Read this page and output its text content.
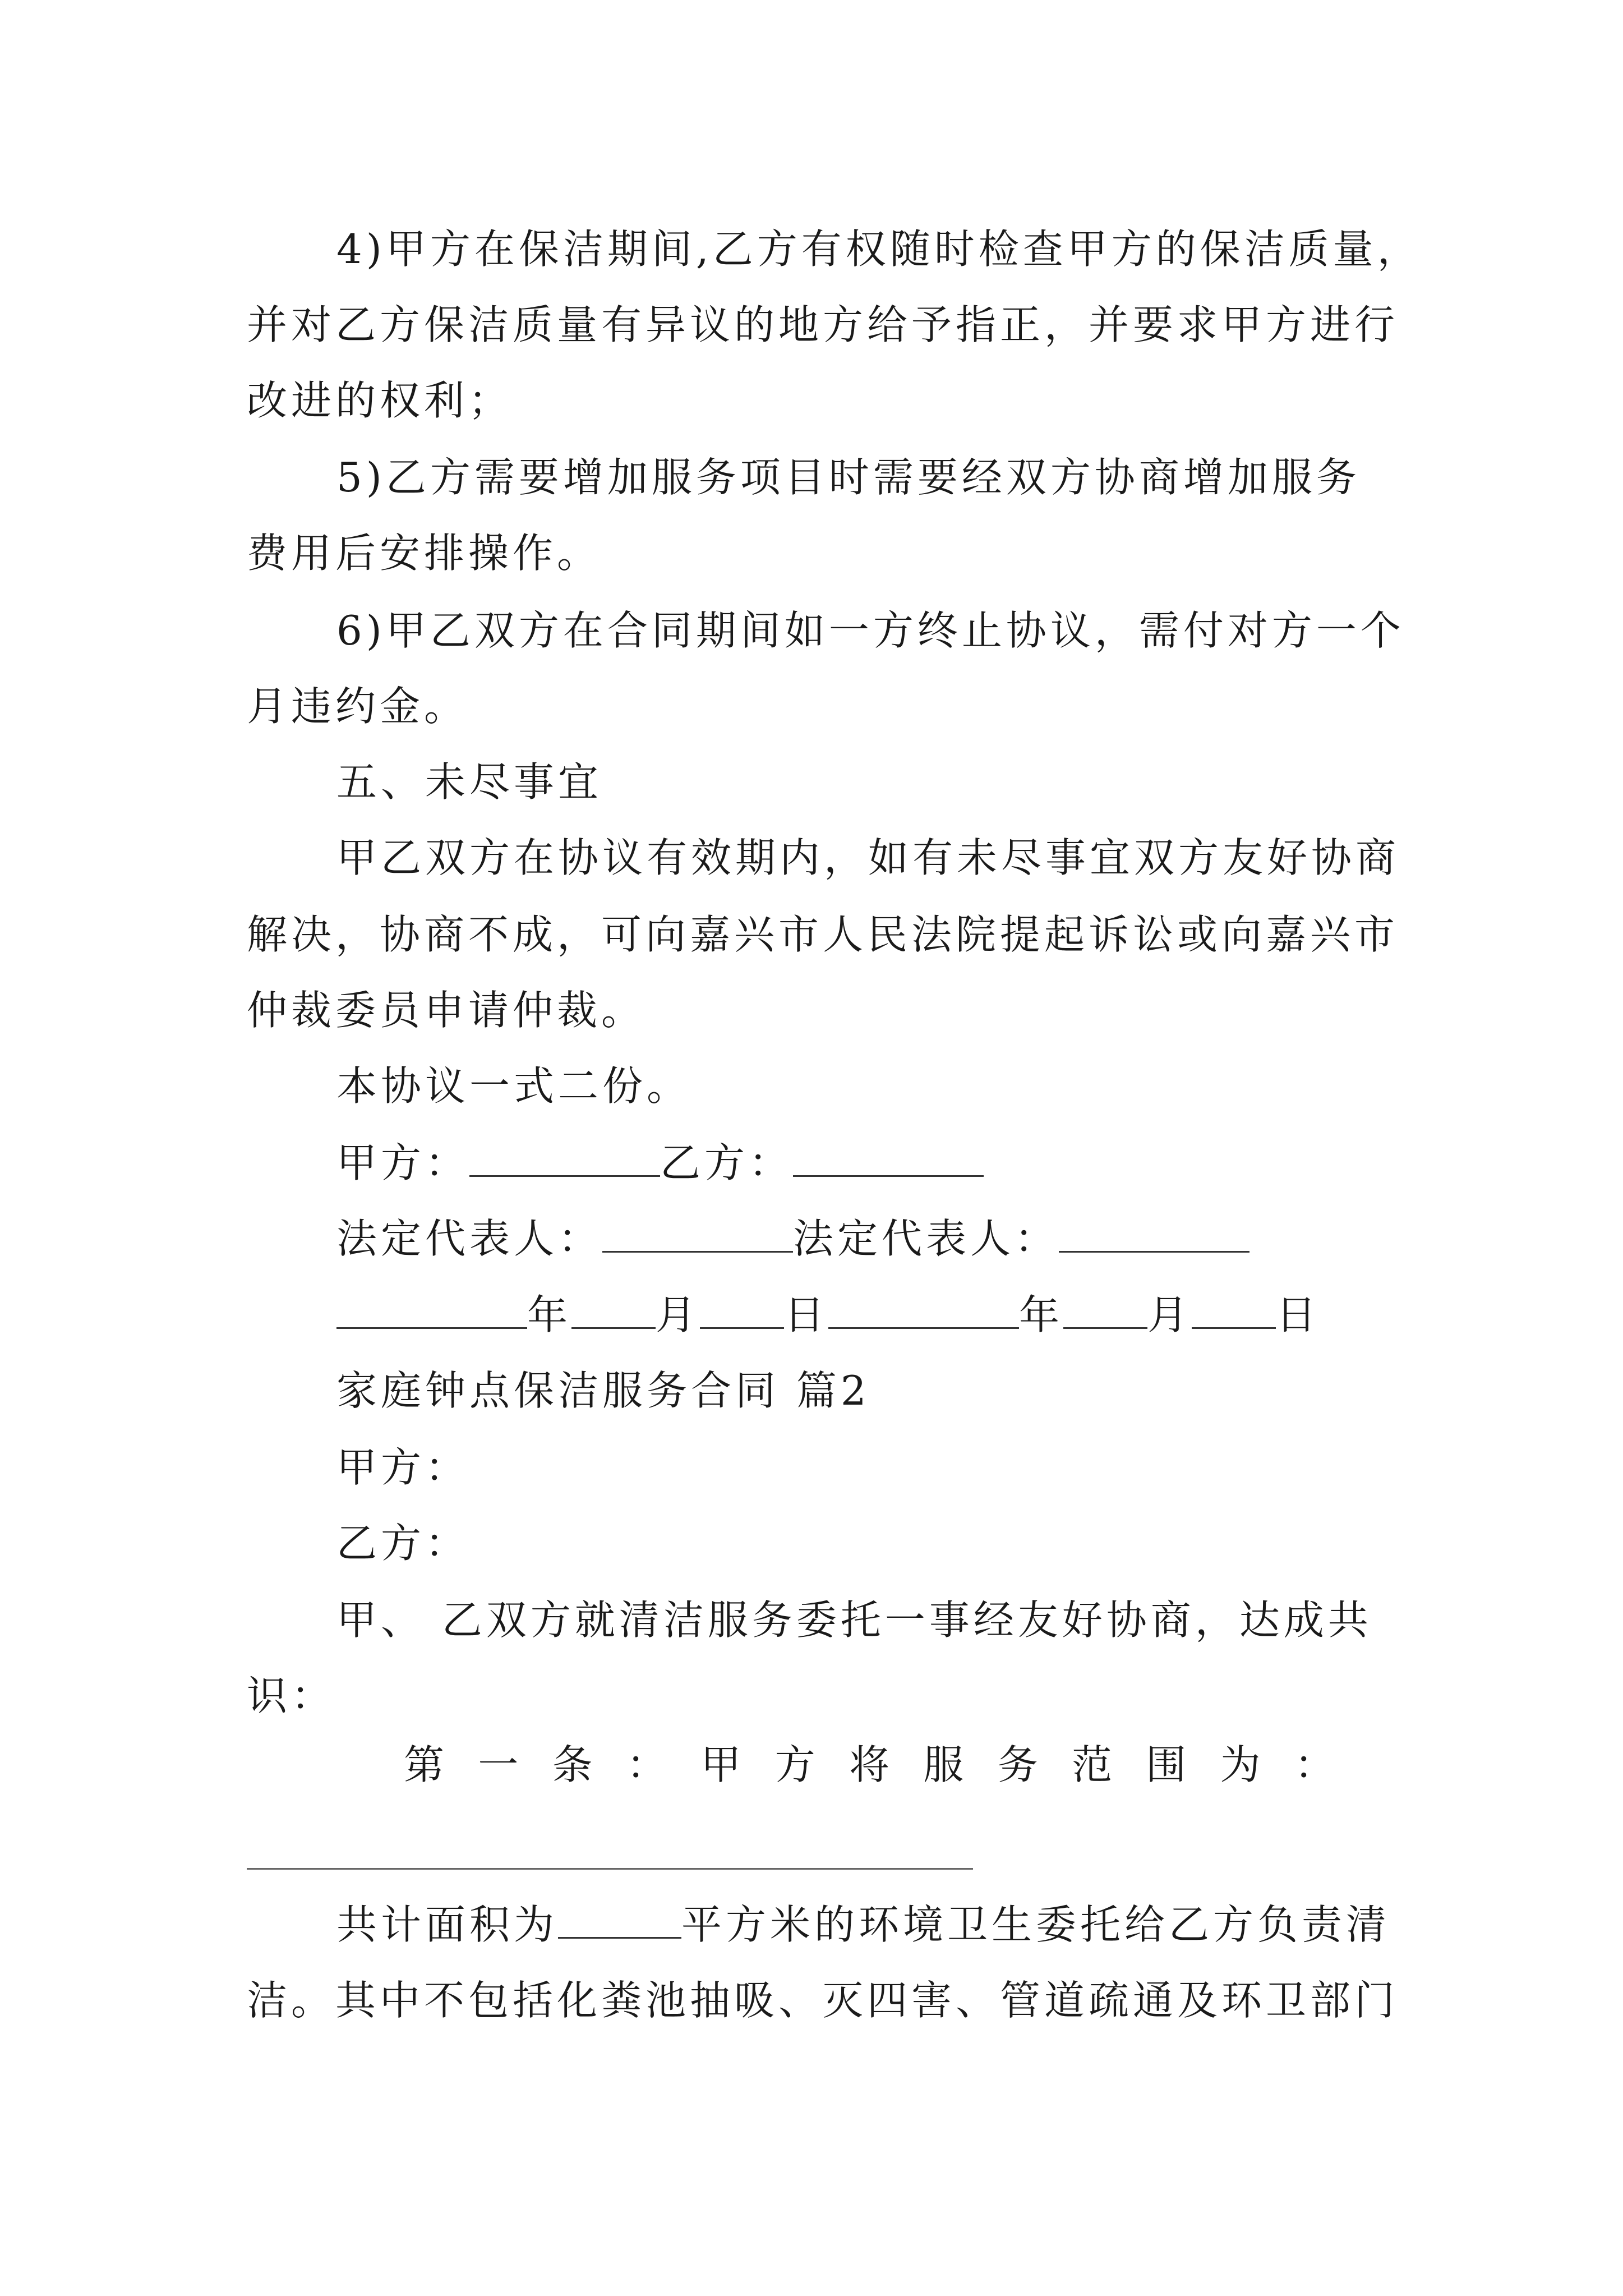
4)甲方在保洁期间,乙方有权随时检查甲方的保洁质量，
并对乙方保洁质量有异议的地方给予指正，并要求甲方进行
改进的权利；
5)乙方需要增加服务项目时需要经双方协商增加服务
费用后安排操作。
6)甲乙双方在合同期间如一方终止协议，需付对方一个
月违约金。
五、未尽事宜
甲乙双方在协议有效期内，如有未尽事宜双方友好协商
解决，协商不成，可向嘉兴市人民法院提起诉讼或向嘉兴市
仲裁委员申请仲裁。
本协议一式二份。
甲方：	乙方：
法定代表人：	法定代表人：
年 月 日	年 月 日
家庭钟点保洁服务合同 篇2
甲方：
乙方：
甲、 乙双方就清洁服务委托一事经友好协商，达成共
识：
第 一 条 ： 甲 方 将 服 务 范 围 为 ：
共计面积为	平方米的环境卫生委托给乙方负责清
洁。其中不包括化粪池抽吸、灭四害、管道疏通及环卫部门
